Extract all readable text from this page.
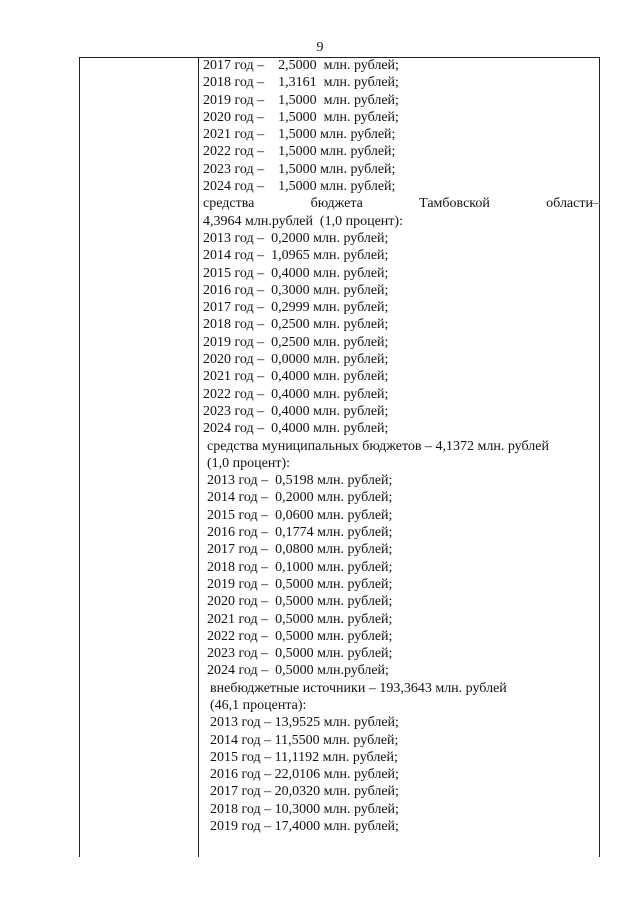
9
2017 год –    2,5000  млн. рублей;
2018 год –    1,3161  млн. рублей;
2019 год –    1,5000  млн. рублей;
2020 год –    1,5000  млн. рублей;
2021 год –    1,5000 млн. рублей;
2022 год –    1,5000 млн. рублей;
2023 год –    1,5000 млн. рублей;
2024 год –    1,5000 млн. рублей;
средства	бюджета	Тамбовской	области
4,3964 млн.рублей  (1,0 процент):
2013 год –  0,2000 млн. рублей;
2014 год –  1,0965 млн. рублей;
2015 год –  0,4000 млн. рублей;
2016 год –  0,3000 млн. рублей;
2017 год –  0,2999 млн. рублей;
2018 год –  0,2500 млн. рублей;
2019 год –  0,2500 млн. рублей;
2020 год –  0,0000 млн. рублей;
2021 год –  0,4000 млн. рублей;
2022 год –  0,4000 млн. рублей;
2023 год –  0,4000 млн. рублей;
2024 год –  0,4000 млн. рублей;
средства муниципальных бюджетов – 4,1372 млн. рублей
(1,0 процент):
2013 год –  0,5198 млн. рублей;
2014 год –  0,2000 млн. рублей;
2015 год –  0,0600 млн. рублей;
2016 год –  0,1774 млн. рублей;
2017 год –  0,0800 млн. рублей;
2018 год –  0,1000 млн. рублей;
2019 год –  0,5000 млн. рублей;
2020 год –  0,5000 млн. рублей;
2021 год –  0,5000 млн. рублей;
2022 год –  0,5000 млн. рублей;
2023 год –  0,5000 млн. рублей;
2024 год –  0,5000 млн.рублей;
внебюджетные источники – 193,3643 млн. рублей
(46,1 процента):
2013 год – 13,9525 млн. рублей;
2014 год – 11,5500 млн. рублей;
2015 год – 11,1192 млн. рублей;
2016 год – 22,0106 млн. рублей;
2017 год – 20,0320 млн. рублей;
2018 год – 10,3000 млн. рублей;
2019 год – 17,4000 млн. рублей;
